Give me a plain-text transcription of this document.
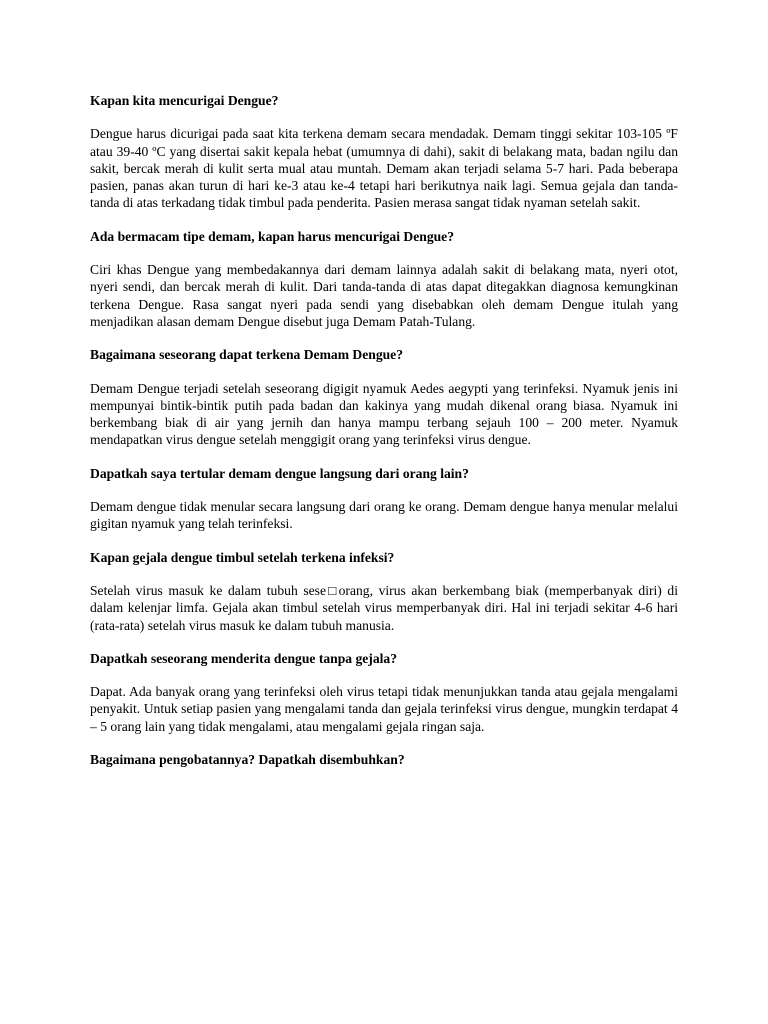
Kapan kita mencurigai Dengue?

Dengue harus dicurigai pada saat kita terkena demam secara mendadak. Demam tinggi sekitar 103-105 ºF atau 39-40 ºC yang disertai sakit kepala hebat (umumnya di dahi), sakit di belakang mata, badan ngilu dan sakit, bercak merah di kulit serta mual atau muntah. Demam akan terjadi selama 5-7 hari. Pada beberapa pasien, panas akan turun di hari ke-3 atau ke-4 tetapi hari berikutnya naik lagi. Semua gejala dan tanda-tanda di atas terkadang tidak timbul pada penderita. Pasien merasa sangat tidak nyaman setelah sakit.

Ada bermacam tipe demam, kapan harus mencurigai Dengue?

Ciri khas Dengue yang membedakannya dari demam lainnya adalah sakit di belakang mata, nyeri otot, nyeri sendi, dan bercak merah di kulit. Dari tanda-tanda di atas dapat ditegakkan diagnosa kemungkinan terkena Dengue. Rasa sangat nyeri pada sendi yang disebabkan oleh demam Dengue itulah yang menjadikan alasan demam Dengue disebut juga Demam Patah-Tulang.

Bagaimana seseorang dapat terkena Demam Dengue?

Demam Dengue terjadi setelah seseorang digigit nyamuk Aedes aegypti yang terinfeksi. Nyamuk jenis ini mempunyai bintik-bintik putih pada badan dan kakinya yang mudah dikenal orang biasa. Nyamuk ini berkembang biak di air yang jernih dan hanya mampu terbang sejauh 100 – 200 meter. Nyamuk mendapatkan virus dengue setelah menggigit orang yang terinfeksi virus dengue.

Dapatkah saya tertular demam dengue langsung dari orang lain?

Demam dengue tidak menular secara langsung dari orang ke orang. Demam dengue hanya menular melalui gigitan nyamuk yang telah terinfeksi.

Kapan gejala dengue timbul setelah terkena infeksi?

Setelah virus masuk ke dalam tubuh sese□orang, virus akan berkembang biak (memperbanyak diri) di dalam kelenjar limfa. Gejala akan timbul setelah virus memperbanyak diri. Hal ini terjadi sekitar 4-6 hari (rata-rata) setelah virus masuk ke dalam tubuh manusia.

Dapatkah seseorang menderita dengue tanpa gejala?

Dapat. Ada banyak orang yang terinfeksi oleh virus tetapi tidak menunjukkan tanda atau gejala mengalami penyakit. Untuk setiap pasien yang mengalami tanda dan gejala terinfeksi virus dengue, mungkin terdapat 4 – 5 orang lain yang tidak mengalami, atau mengalami gejala ringan saja.

Bagaimana pengobatannya? Dapatkah disembuhkan?
